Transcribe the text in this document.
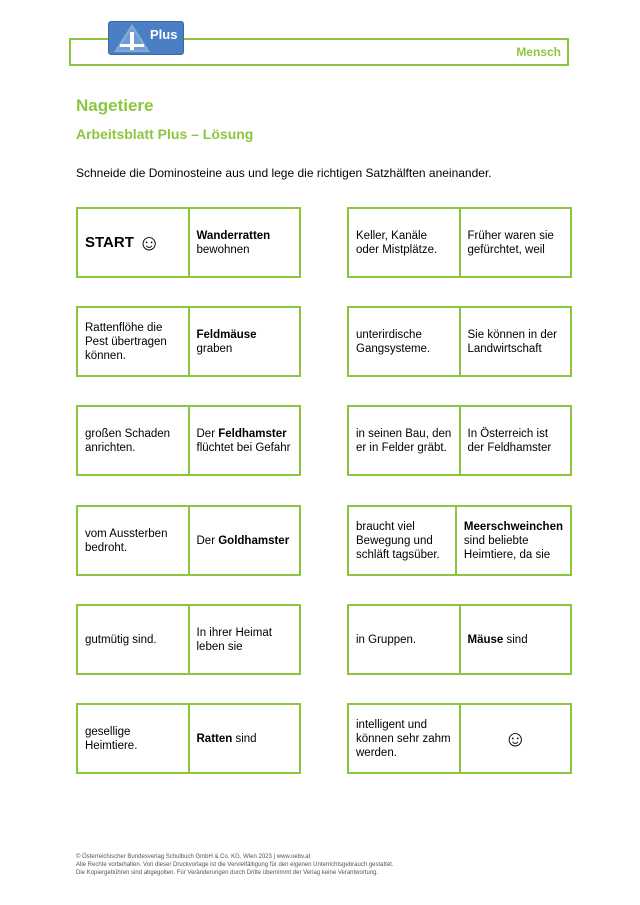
Mensch
Plus
Nagetiere
Arbeitsblatt Plus – Lösung
Schneide die Dominosteine aus und lege die richtigen Satzhälften aneinander.
START ☺	Wanderratten
bewohnen
Keller, Kanäle oder Mistplätze.
Früher waren sie gefürchtet, weil
Rattenflöhe die Pest übertragen können.
Feldmäuse
graben
unterirdische Gangsysteme.
Sie können in der Landwirtschaft
großen Schaden anrichten.
Der Feldhamster
flüchtet bei Gefahr
in seinen Bau, den er in Felder gräbt.
In Österreich ist der Feldhamster
vom Aussterben bedroht.
Der Goldhamster
braucht viel Bewegung und schläft tagsüber.
Meerschweinchen
sind beliebte Heimtiere, da sie
gutmütig sind.
In ihrer Heimat leben sie
in Gruppen.	Mäuse sind
gesellige Heimtiere.
Ratten sind
intelligent und können sehr zahm werden.
☺
© Österreichischer Bundesverlag Schulbuch GmbH & Co. KG, Wien 2023 | www.oebv.at
Alle Rechte vorbehalten. Von dieser Druckvorlage ist die Vervielfältigung für den eigenen Unterrichtsgebrauch gestattet.
Die Kopiergebühren sind abgegolten. Für Veränderungen durch Dritte übernimmt der Verlag keine Verantwortung.
